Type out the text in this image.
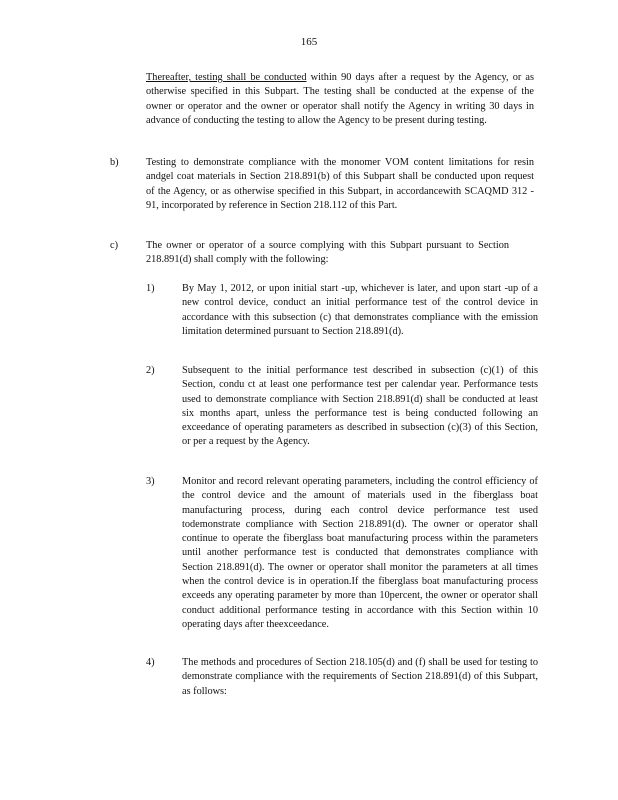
165

Thereafter, testing shall be conducted within 90 days after a request by the Agency, or as otherwise specified in this Subpart. The testing shall be conducted at the expense of the owner or operator and the owner or operator shall notify the Agency in writing 30 days in advance of conducting the testing to allow the Agency to be present during testing.

b)	Testing to demonstrate compliance with the monomer VOM content limitations for resin andgel coat materials in Section 218.891(b) of this Subpart shall be conducted upon request of the Agency, or as otherwise specified in this Subpart, in accordancewith SCAQMD 312 - 91, incorporated by reference in Section 218.112 of this Part.

c)	The owner or operator of a source complying with this Subpart pursuant to Section 218.891(d) shall comply with the following:

1)	By May 1, 2012, or upon initial start -up, whichever is later, and upon start -up of a new control device, conduct an initial performance test of the control device in accordance with this subsection (c) that demonstrates compliance with the emission limitation determined pursuant to Section 218.891(d).

2)	Subsequent to the initial performance test described in subsection (c)(1) of this Section, condu ct at least one performance test per calendar year. Performance tests used to demonstrate compliance with Section 218.891(d) shall be conducted at least six months apart, unless the performance test is being conducted following an exceedance of operating parameters as described in subsection (c)(3) of this Section, or per a request by the Agency.

3)	Monitor and record relevant operating parameters, including the control efficiency of the control device and the amount of materials used in the fiberglass boat manufacturing process, during each control device performance test used todemonstrate compliance with Section 218.891(d). The owner or operator shall continue to operate the fiberglass boat manufacturing process within the parameters until another performance test is conducted that demonstrates compliance with Section 218.891(d). The owner or operator shall monitor the parameters at all times when the control device is in operation.If the fiberglass boat manufacturing process exceeds any operating parameter by more than 10percent, the owner or operator shall conduct additional performance testing in accordance with this Section within 10 operating days after theexceedance.

4)	The methods and procedures of Section 218.105(d) and (f) shall be used for testing to demonstrate compliance with the requirements of Section 218.891(d) of this Subpart, as follows:
